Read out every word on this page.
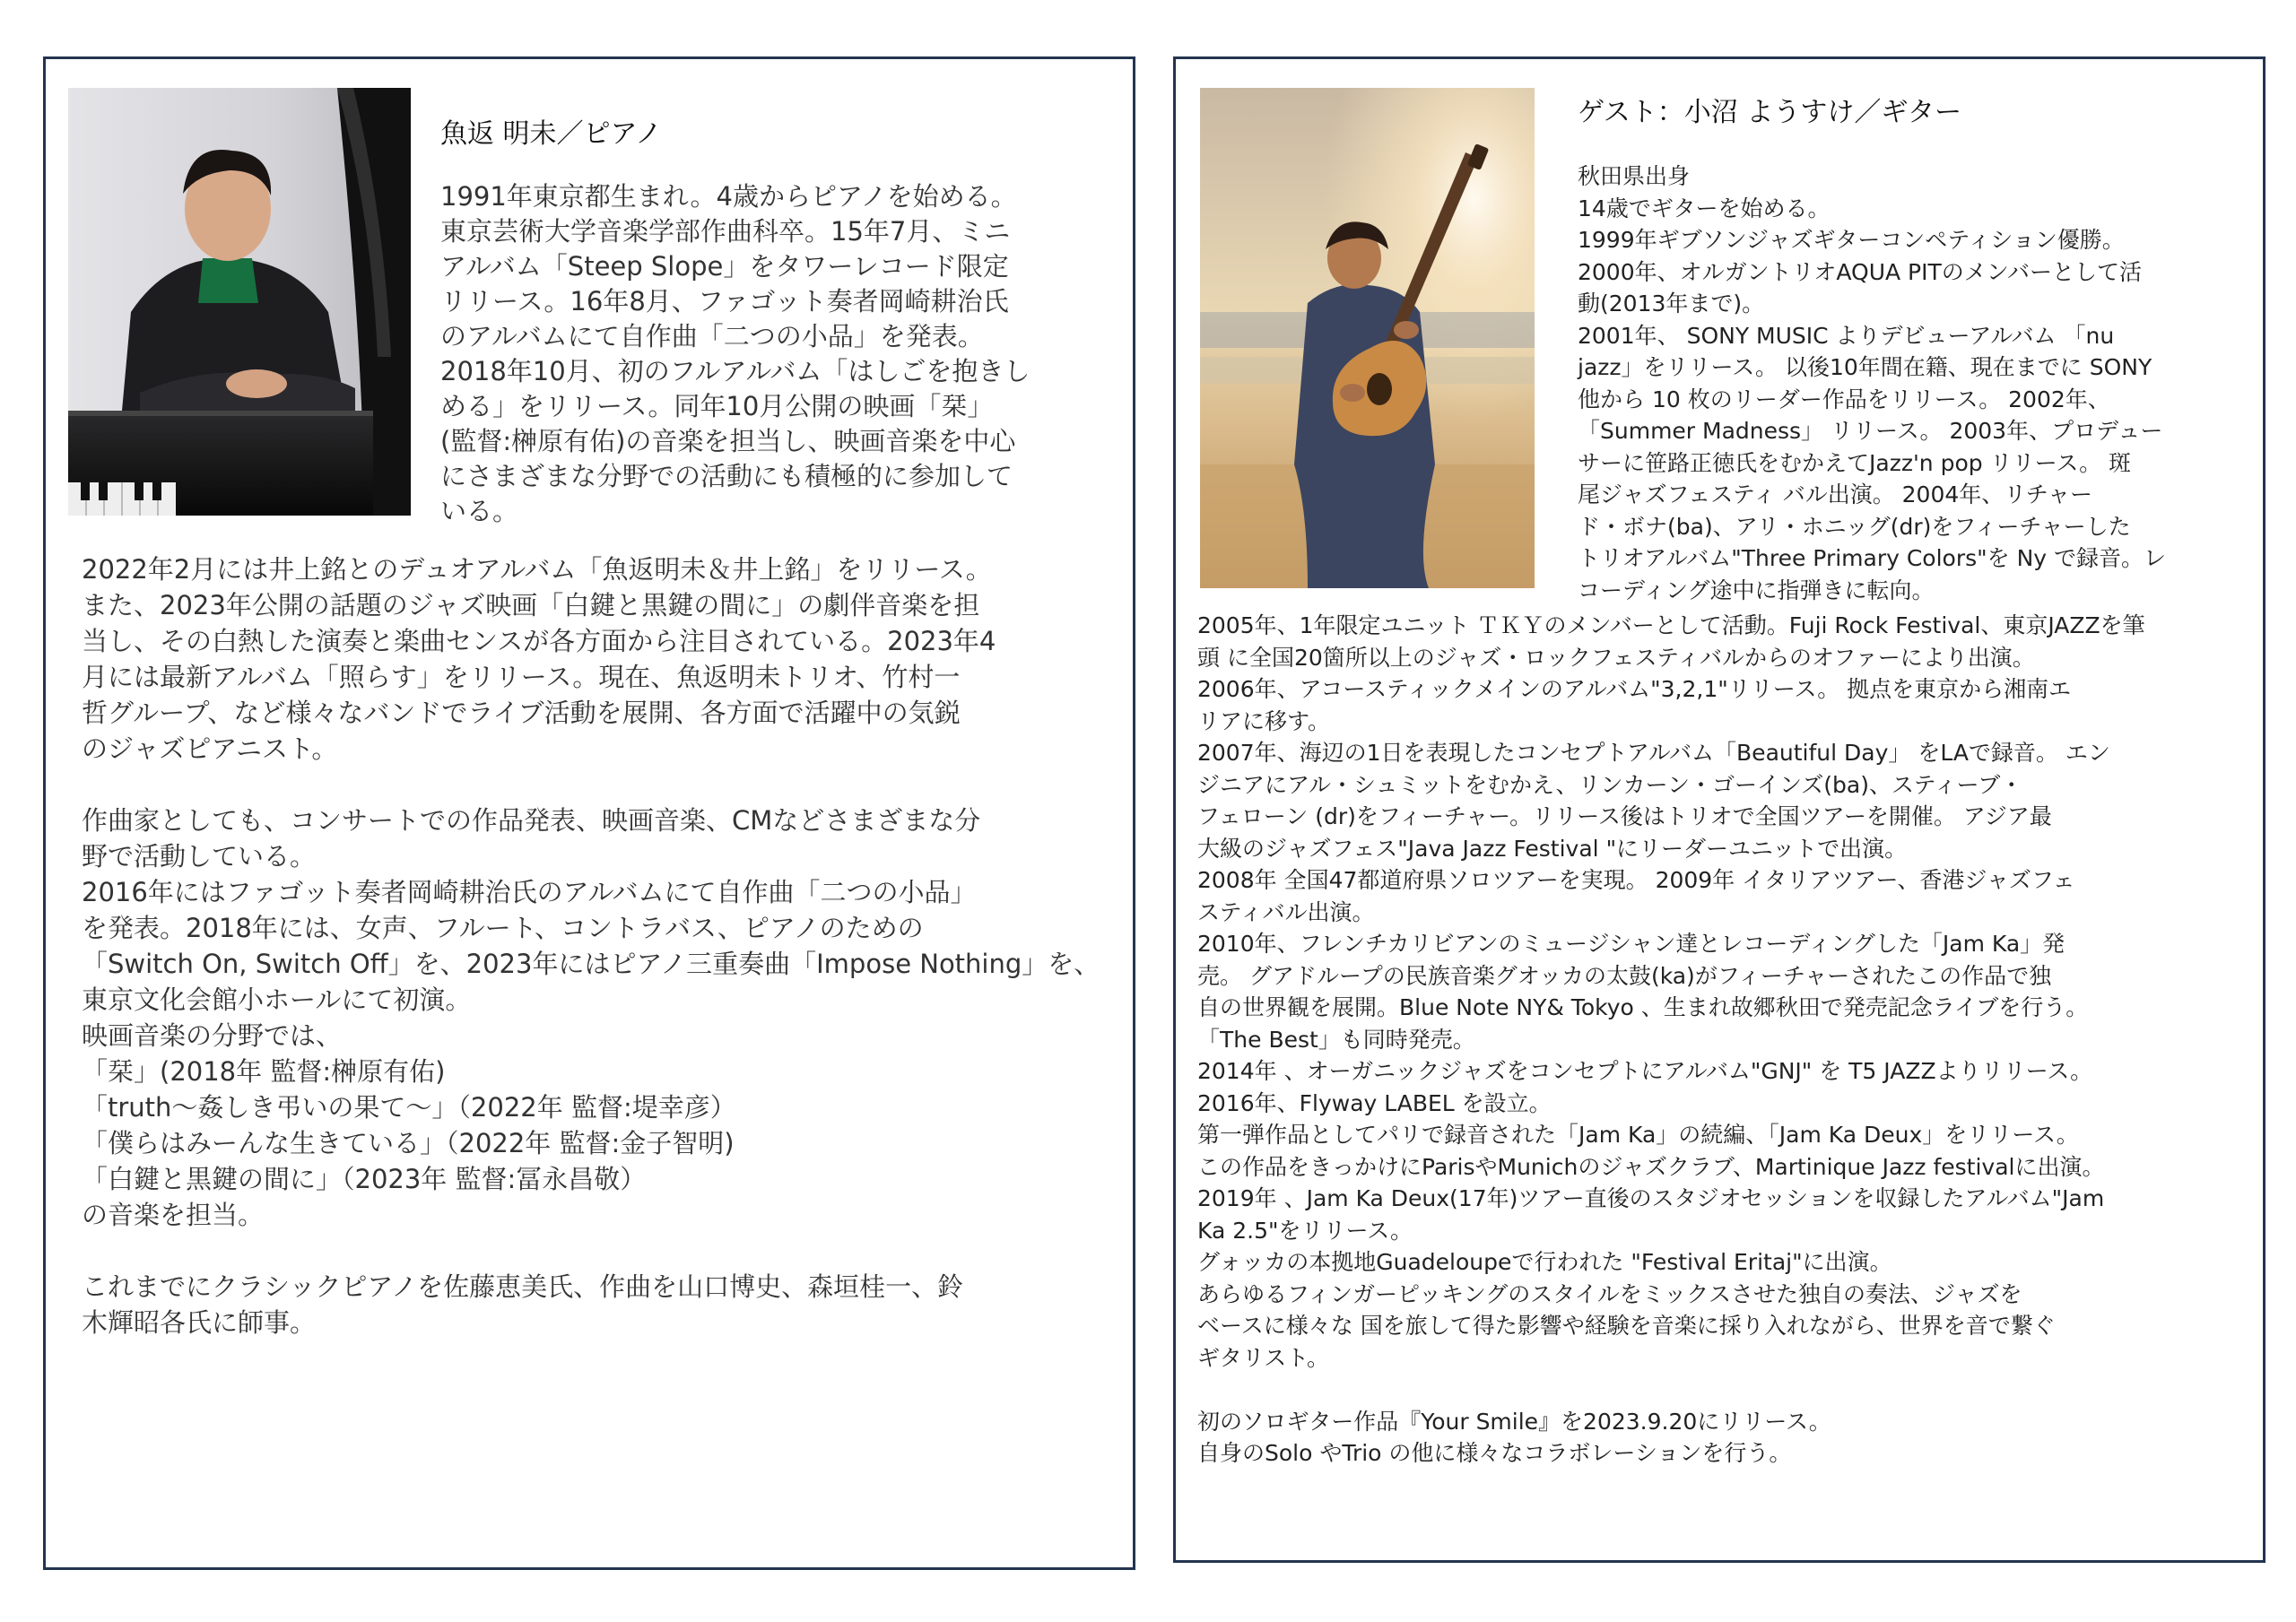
魚返 明未／ピアノ
1991年東京都生まれ。4歳からピアノを始める。
東京芸術大学音楽学部作曲科卒。15年7月、ミニ
アルバム「Steep Slope」をタワーレコード限定
リリース。16年8月、ファゴット奏者岡崎耕治氏
のアルバムにて自作曲「二つの小品」を発表。
2018年10月、初のフルアルバム「はしごを抱きし
める」をリリース。同年10月公開の映画「栞」
(監督:榊原有佑)の音楽を担当し、映画音楽を中心
にさまざまな分野での活動にも積極的に参加して
いる。
2022年2月には井上銘とのデュオアルバム「魚返明未＆井上銘」をリリース。
また、2023年公開の話題のジャズ映画「白鍵と黒鍵の間に」の劇伴音楽を担
当し、その白熱した演奏と楽曲センスが各方面から注目されている。2023年4
月には最新アルバム「照らす」をリリース。現在、魚返明未トリオ、竹村一
哲グループ、など様々なバンドでライブ活動を展開、各方面で活躍中の気鋭
のジャズピアニスト。
作曲家としても、コンサートでの作品発表、映画音楽、CMなどさまざまな分
野で活動している。
2016年にはファゴット奏者岡崎耕治氏のアルバムにて自作曲「二つの小品」
を発表。2018年には、女声、フルート、コントラバス、ピアノのための
「Switch On, Switch Off」を、2023年にはピアノ三重奏曲「Impose Nothing」を、
東京文化会館小ホールにて初演。
映画音楽の分野では、
「栞」(2018年 監督:榊原有佑)
「truth～姦しき弔いの果て～」（2022年 監督:堤幸彦）
「僕らはみーんな生きている」（2022年 監督:金子智明)
「白鍵と黒鍵の間に」（2023年 監督:冨永昌敬）
の音楽を担当。
これまでにクラシックピアノを佐藤恵美氏、作曲を山口博史、森垣桂一、鈴
木輝昭各氏に師事。
ゲスト：小沼 ようすけ／ギター
秋田県出身
14歳でギターを始める。
1999年ギブソンジャズギターコンペティション優勝。
2000年、オルガントリオAQUA PITのメンバーとして活
動(2013年まで)。
2001年、 SONY MUSIC よりデビューアルバム 「nu
jazz」をリリース。 以後10年間在籍、現在までに SONY
他から 10 枚のリーダー作品をリリース。 2002年、
「Summer Madness」 リリース。 2003年、プロデュー
サーに笹路正徳氏をむかえてJazz'n pop リリース。 斑
尾ジャズフェスティ バル出演。 2004年、リチャー
ド・ボナ(ba)、アリ・ホニッグ(dr)をフィーチャーした
トリオアルバム"Three Primary Colors"を Ny で録音。レ
コーディング途中に指弾きに転向。
2005年、1年限定ユニット ＴＫＹのメンバーとして活動。Fuji Rock Festival、東京JAZZを筆
頭 に全国20箇所以上のジャズ・ロックフェスティバルからのオファーにより出演。
2006年、アコースティックメインのアルバム"3,2,1"リリース。 拠点を東京から湘南エ
リアに移す。
2007年、海辺の1日を表現したコンセプトアルバム「Beautiful Day」 をLAで録音。 エン
ジニアにアル・シュミットをむかえ、リンカーン・ゴーインズ(ba)、スティーブ・
フェローン (dr)をフィーチャー。リリース後はトリオで全国ツアーを開催。 アジア最
大級のジャズフェス"Java Jazz Festival "にリーダーユニットで出演。
2008年 全国47都道府県ソロツアーを実現。 2009年 イタリアツアー、香港ジャズフェ
スティバル出演。
2010年、フレンチカリビアンのミュージシャン達とレコーディングした「Jam Ka」発
売。 グアドループの民族音楽グオッカの太鼓(ka)がフィーチャーされたこの作品で独
自の世界観を展開。Blue Note NY& Tokyo 、生まれ故郷秋田で発売記念ライブを行う。
「The Best」も同時発売。
2014年 、オーガニックジャズをコンセプトにアルバム"GNJ" を T5 JAZZよりリリース。
2016年、Flyway LABEL を設立。
第一弾作品としてパリで録音された「Jam Ka」の続編、「Jam Ka Deux」をリリース。
この作品をきっかけにParisやMunichのジャズクラブ、Martinique Jazz festivalに出演。
2019年 、Jam Ka Deux(17年)ツアー直後のスタジオセッションを収録したアルバム"Jam
Ka 2.5"をリリース。
グォッカの本拠地Guadeloupeで行われた "Festival Eritaj"に出演。
あらゆるフィンガーピッキングのスタイルをミックスさせた独自の奏法、ジャズを
ベースに様々な 国を旅して得た影響や経験を音楽に採り入れながら、世界を音で繋ぐ
ギタリスト。
初のソロギター作品『Your Smile』を2023.9.20にリリース。
自身のSolo やTrio の他に様々なコラボレーションを行う。
